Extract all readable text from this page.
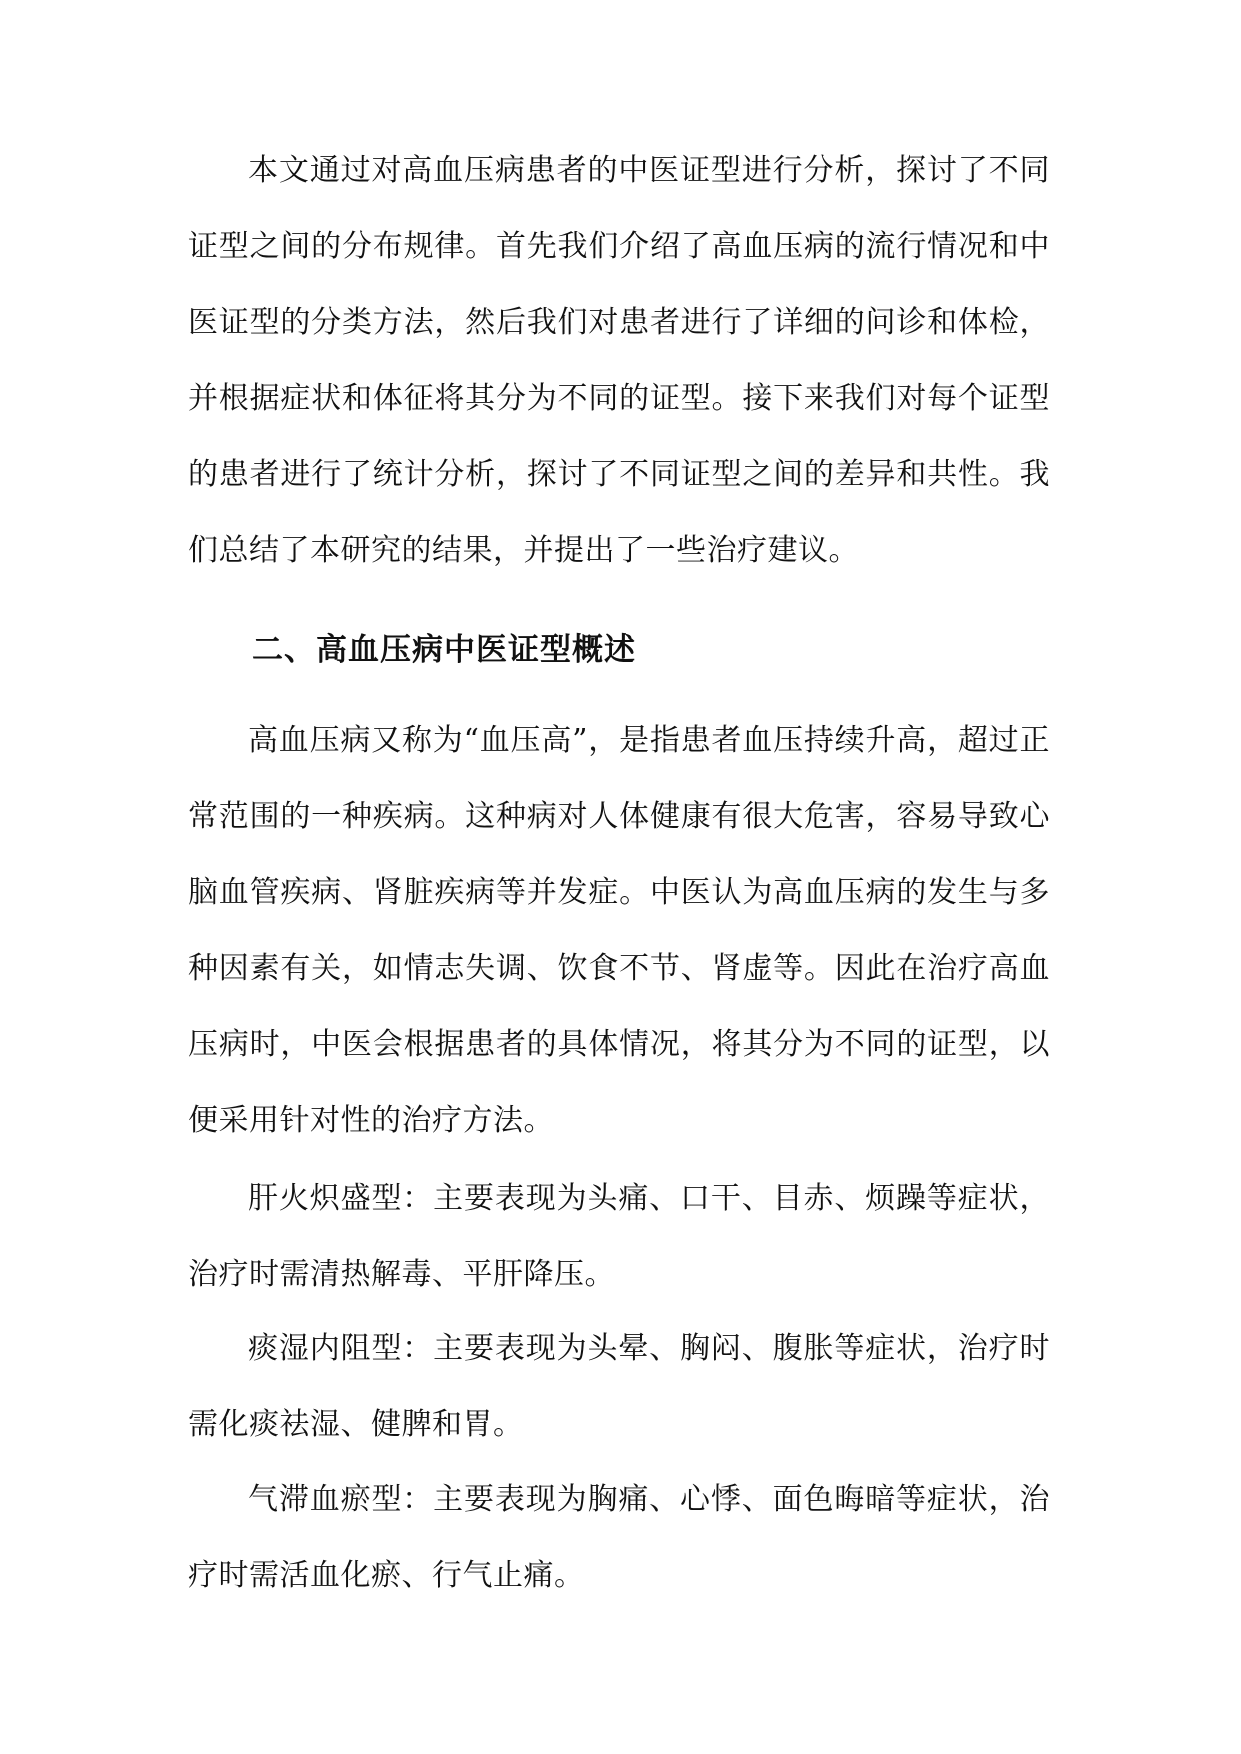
本文通过对高血压病患者的中医证型进行分析，探讨了不同证型之间的分布规律。首先我们介绍了高血压病的流行情况和中医证型的分类方法，然后我们对患者进行了详细的问诊和体检，并根据症状和体征将其分为不同的证型。接下来我们对每个证型的患者进行了统计分析，探讨了不同证型之间的差异和共性。我们总结了本研究的结果，并提出了一些治疗建议。

二、高血压病中医证型概述

高血压病又称为“血压高”，是指患者血压持续升高，超过正常范围的一种疾病。这种病对人体健康有很大危害，容易导致心脑血管疾病、肾脏疾病等并发症。中医认为高血压病的发生与多种因素有关，如情志失调、饮食不节、肾虚等。因此在治疗高血压病时，中医会根据患者的具体情况，将其分为不同的证型，以便采用针对性的治疗方法。

肝火炽盛型：主要表现为头痛、口干、目赤、烦躁等症状，治疗时需清热解毒、平肝降压。

痰湿内阻型：主要表现为头晕、胸闷、腹胀等症状，治疗时需化痰祛湿、健脾和胃。

气滞血瘀型：主要表现为胸痛、心悸、面色晦暗等症状，治疗时需活血化瘀、行气止痛。
